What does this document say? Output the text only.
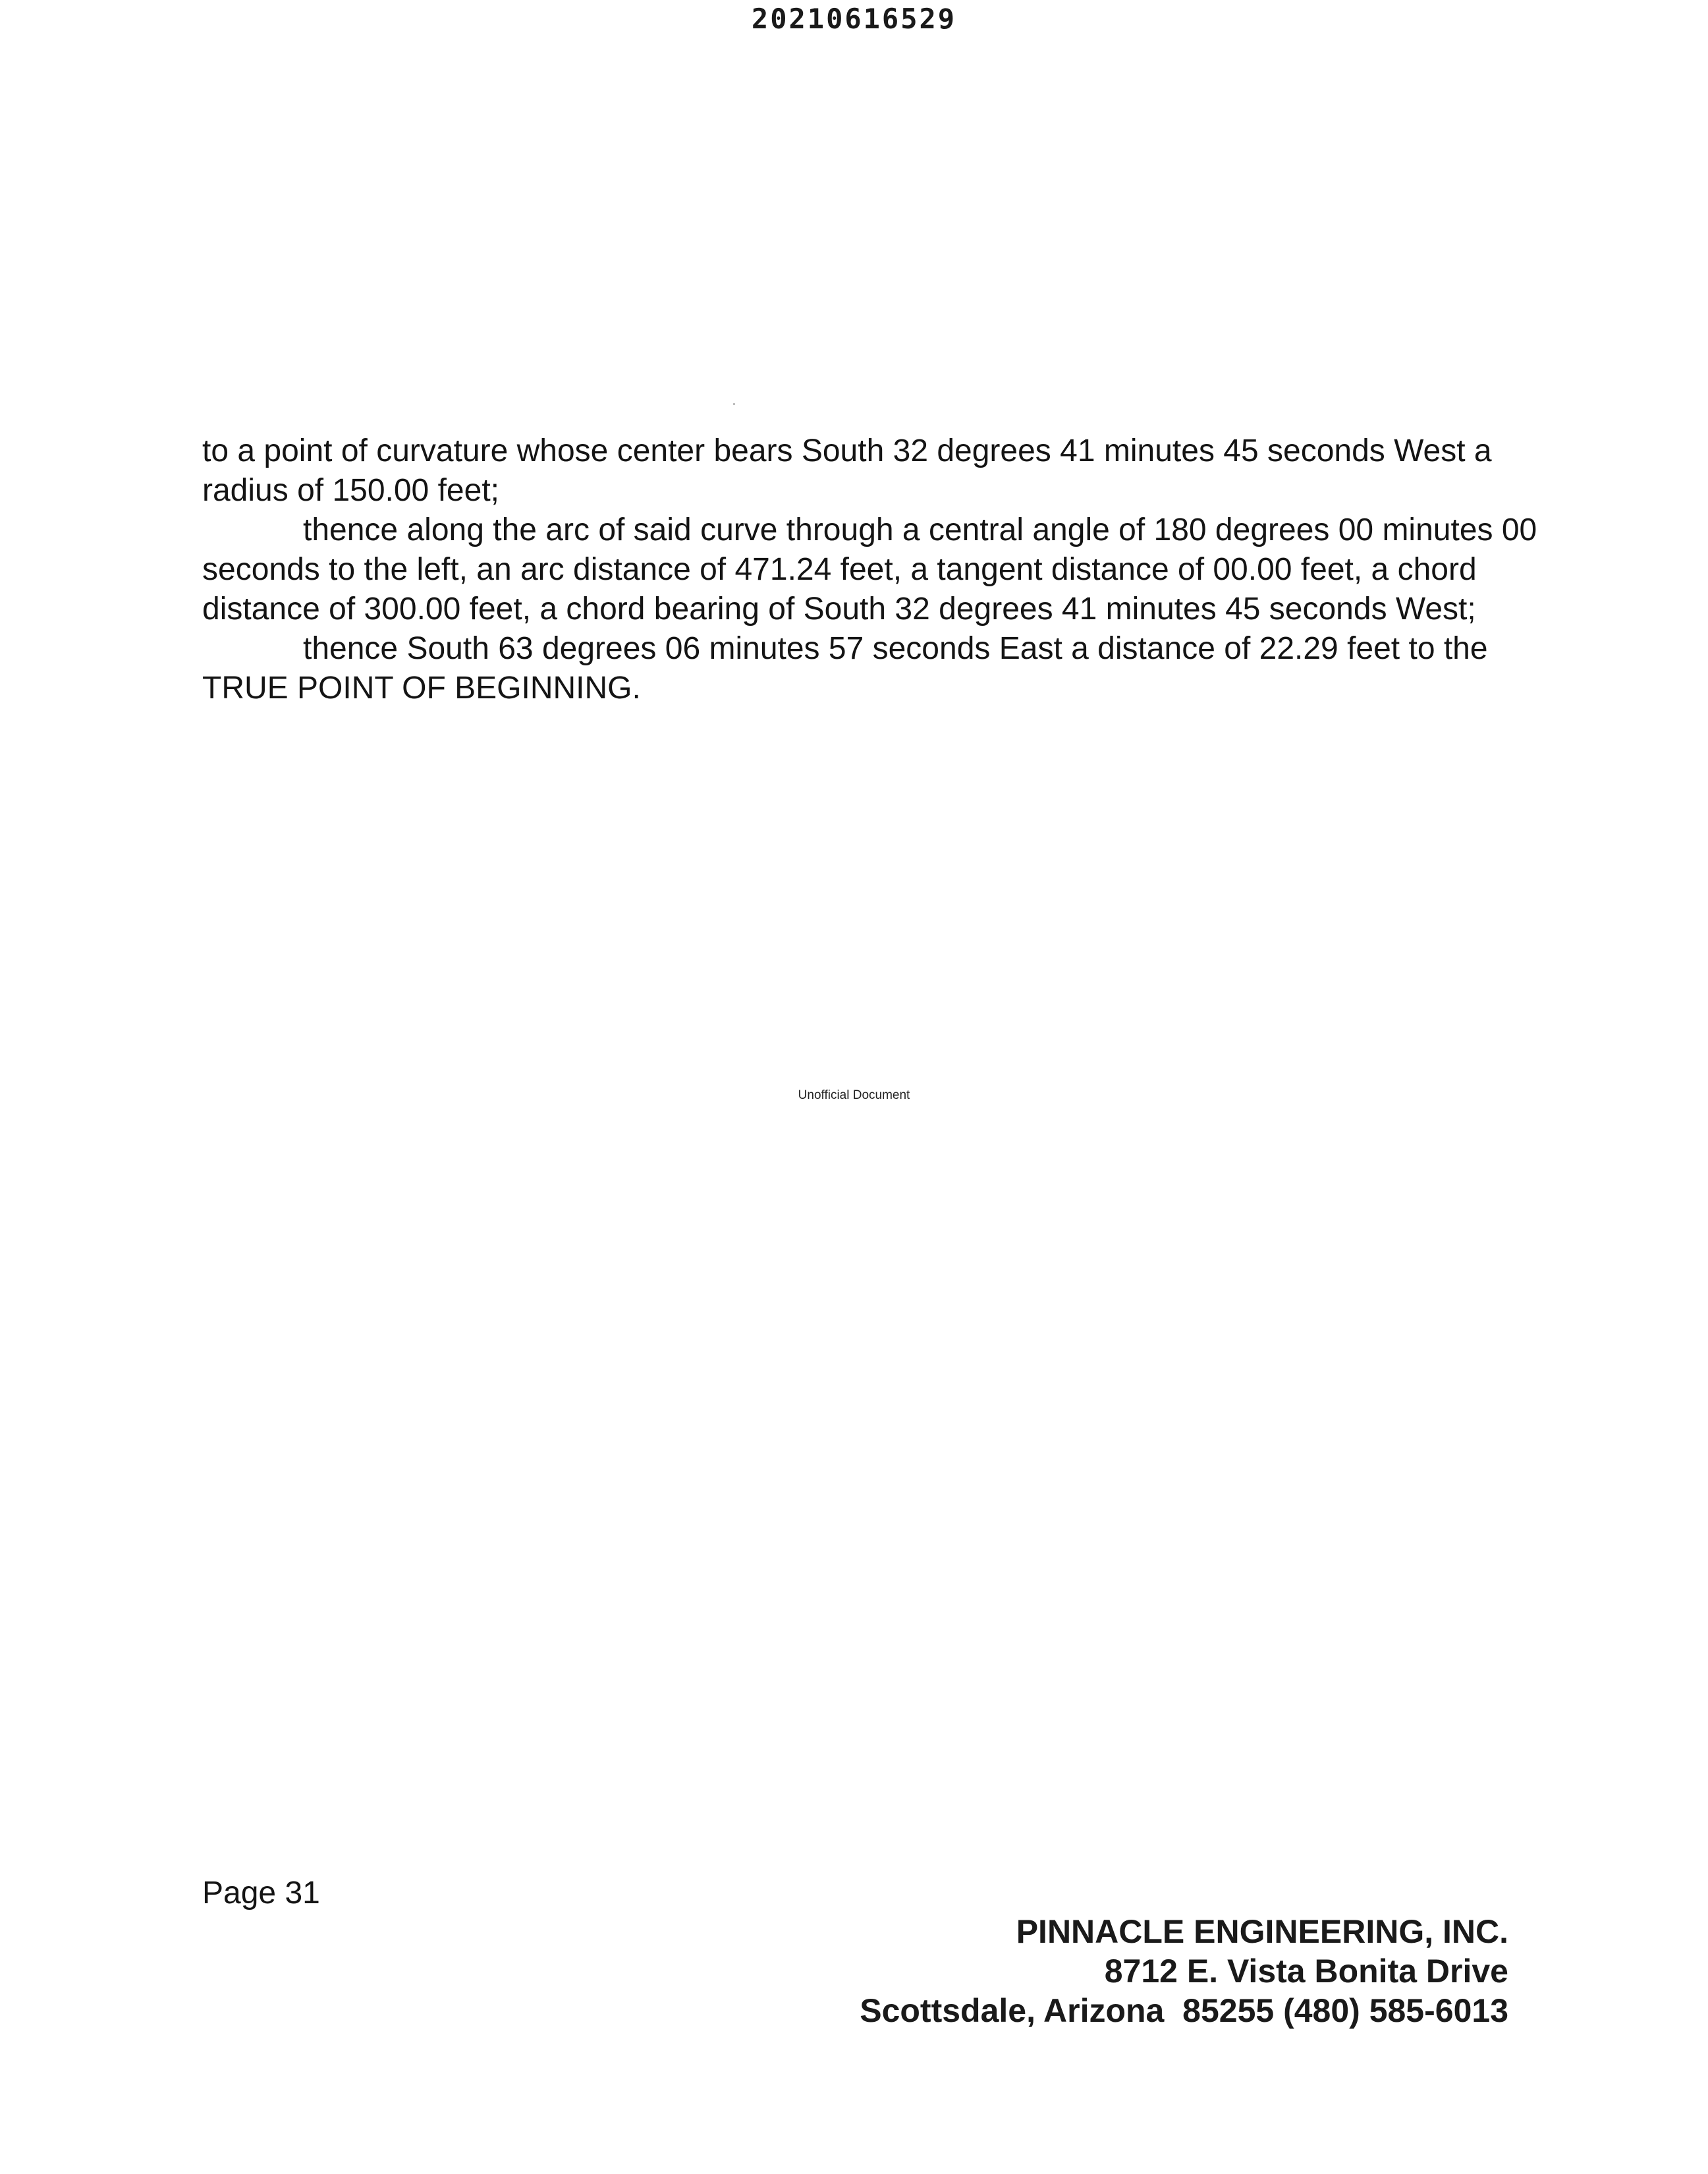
20210616529

to a point of curvature whose center bears South 32 degrees 41 minutes 45 seconds West a radius of 150.00 feet;

thence along the arc of said curve through a central angle of 180 degrees 00 minutes 00 seconds to the left, an arc distance of 471.24 feet, a tangent distance of 00.00 feet, a chord distance of 300.00 feet, a chord bearing of South 32 degrees 41 minutes 45 seconds West;

thence South 63 degrees 06 minutes 57 seconds East a distance of 22.29 feet to the TRUE POINT OF BEGINNING.

Unofficial Document
Page 31
PINNACLE ENGINEERING, INC.
8712 E. Vista Bonita Drive
Scottsdale, Arizona  85255 (480) 585-6013
